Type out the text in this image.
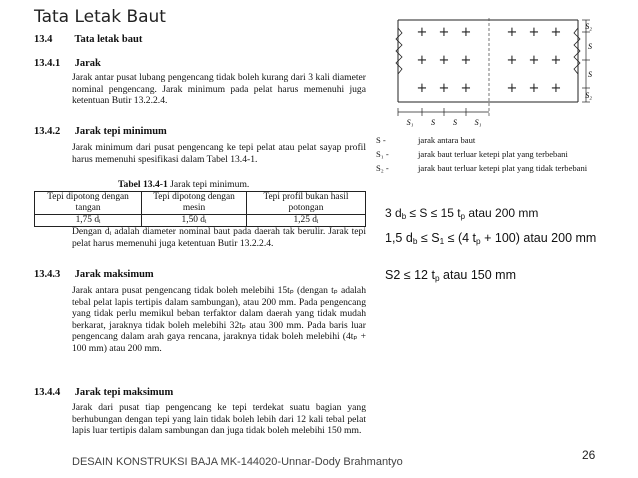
Tata Letak Baut
13.4 Tata letak baut
13.4.1 Jarak
Jarak antar pusat lubang pengencang tidak boleh kurang dari 3 kali diameter nominal pengencang. Jarak minimum pada pelat harus memenuhi juga ketentuan Butir 13.2.2.4.
13.4.2 Jarak tepi minimum
Jarak minimum dari pusat pengencang ke tepi pelat atau pelat sayap profil harus memenuhi spesifikasi dalam Tabel 13.4-1.
Tabel 13.4-1 Jarak tepi minimum.
Tepi dipotong dengan tangan	Tepi dipotong dengan mesin	Tepi profil bukan hasil potongan
1,75 dᵢ	1,50 dᵢ	1,25 dᵢ
Dengan dᵢ adalah diameter nominal baut pada daerah tak berulir. Jarak tepi pelat harus memenuhi juga ketentuan Butir 13.2.2.4.
13.4.3 Jarak maksimum
Jarak antara pusat pengencang tidak boleh melebihi 15tₚ (dengan tₚ adalah tebal pelat lapis tertipis dalam sambungan), atau 200 mm. Pada pengencang yang tidak perlu memikul beban terfaktor dalam daerah yang tidak mudah berkarat, jaraknya tidak boleh melebihi 32tₚ atau 300 mm. Pada baris luar pengencang dalam arah gaya rencana, jaraknya tidak boleh melebihi (4tₚ + 100 mm) atau 200 mm.
13.4.4 Jarak tepi maksimum
Jarak dari pusat tiap pengencang ke tepi terdekat suatu bagian yang berhubungan dengan tepi yang lain tidak boleh lebih dari 12 kali tebal pelat lapis luar tertipis dalam sambungan dan juga tidak boleh melebihi 150 mm.
+ + +	+ + +
+ + +	+ + +
+ + +	+ + +
S₁ S S S₁
S₂
S
S
S₂
S -	jarak antara baut
S₁ -	jarak baut terluar ketepi plat yang terbebani
S₂ -	jarak baut terluar ketepi plat yang tidak terbebani
3 $d_b \le S \le 15$ $t_p$ atau 200 mm
1,5 $d_b \le S_1 \le (4$ $t_p + 100$) atau 200 mm
S2 ≤ 12 $t_p$ atau 150 mm
DESAIN KONSTRUKSI BAJA MK-144020-Unnar-Dody Brahmantyo	26
